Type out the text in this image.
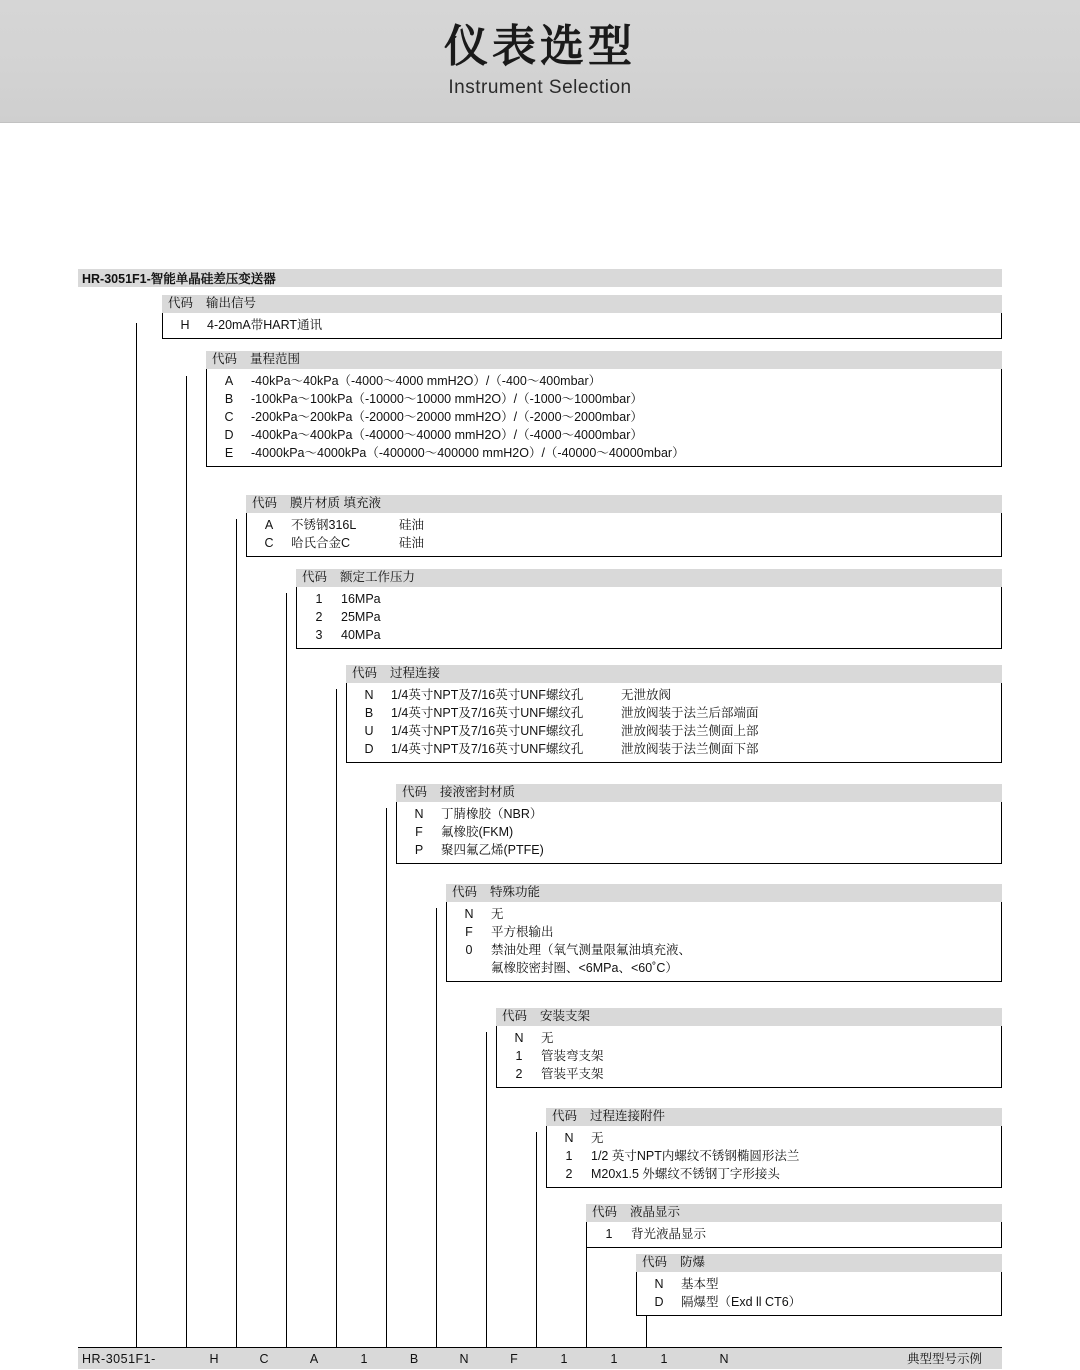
仪表选型
Instrument Selection
HR-3051F1-智能单晶硅差压变送器
代码	输出信号
H	4-20mA带HART通讯
代码	量程范围
A	-40kPa～40kPa（-4000～4000 mmH2O）/（-400～400mbar）
B	-100kPa～100kPa（-10000～10000 mmH2O）/（-1000～1000mbar）
C	-200kPa～200kPa（-20000～20000 mmH2O）/（-2000～2000mbar）
D	-400kPa～400kPa（-40000～40000 mmH2O）/（-4000～4000mbar）
E	-4000kPa～4000kPa（-400000～400000 mmH2O）/（-40000～40000mbar）
代码	膜片材质 填充液
A	不锈钢316L	硅油
C	哈氏合金C	硅油
代码	额定工作压力
1	16MPa
2	25MPa
3	40MPa
代码	过程连接
N	1/4英寸NPT及7/16英寸UNF螺纹孔	无泄放阀
B	1/4英寸NPT及7/16英寸UNF螺纹孔	泄放阀装于法兰后部端面
U	1/4英寸NPT及7/16英寸UNF螺纹孔	泄放阀装于法兰侧面上部
D	1/4英寸NPT及7/16英寸UNF螺纹孔	泄放阀装于法兰侧面下部
代码	接液密封材质
N	丁腈橡胶（NBR）
F	氟橡胶(FKM)
P	聚四氟乙烯(PTFE)
代码	特殊功能
N	无
F	平方根输出
0	禁油处理（氧气测量限氟油填充液、
氟橡胶密封圈、<6MPa、<60˚C）
代码	安装支架
N	无
1	管装弯支架
2	管装平支架
代码	过程连接附件
N	无
1	1/2 英寸NPT内螺纹不锈钢椭圆形法兰
2	M20x1.5 外螺纹不锈钢丁字形接头
代码	液晶显示
1	背光液晶显示
代码	防爆
N	基本型
D	隔爆型（Exd ll CT6）
HR-3051F1-	H	C	A	1	B	N	F	1	1	1	N	典型型号示例
